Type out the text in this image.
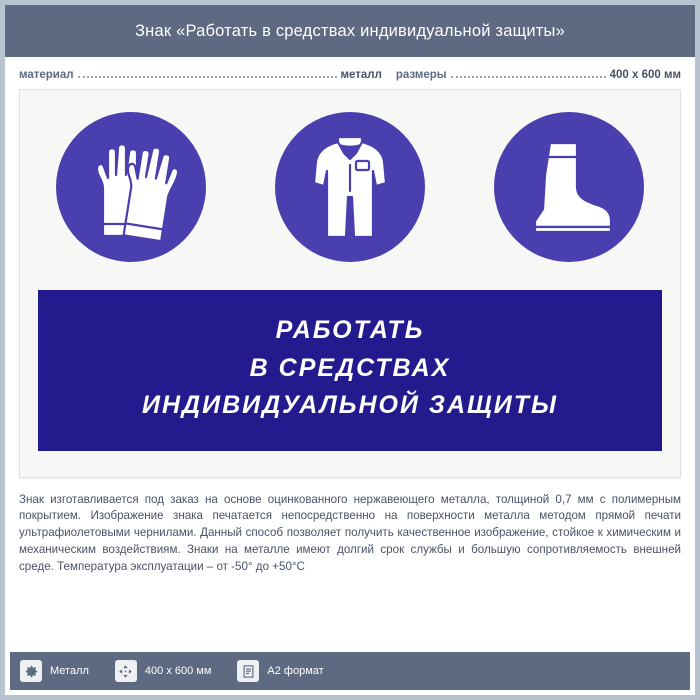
Знак «Работать в средствах индивидуальной защиты»
материал	металл размеры	400 x 600 мм
РАБОТАТЬ
В СРЕДСТВАХ
ИНДИВИДУАЛЬНОЙ ЗАЩИТЫ
Знак изготавливается под заказ на основе оцинкованного нержавеющего металла, толщиной 0,7 мм с полимерным покрытием. Изображение знака печатается непосредственно на поверхности металла методом прямой печати ультрафиолетовыми чернилами. Данный способ позволяет получить качественное изображение, стойкое к химическим и механическим воздействиям. Знаки на металле имеют долгий срок службы и большую сопротивляемость внешней среде. Температура эксплуатации – от -50° до +50°С
Металл	400 x 600 мм	A2 формат
